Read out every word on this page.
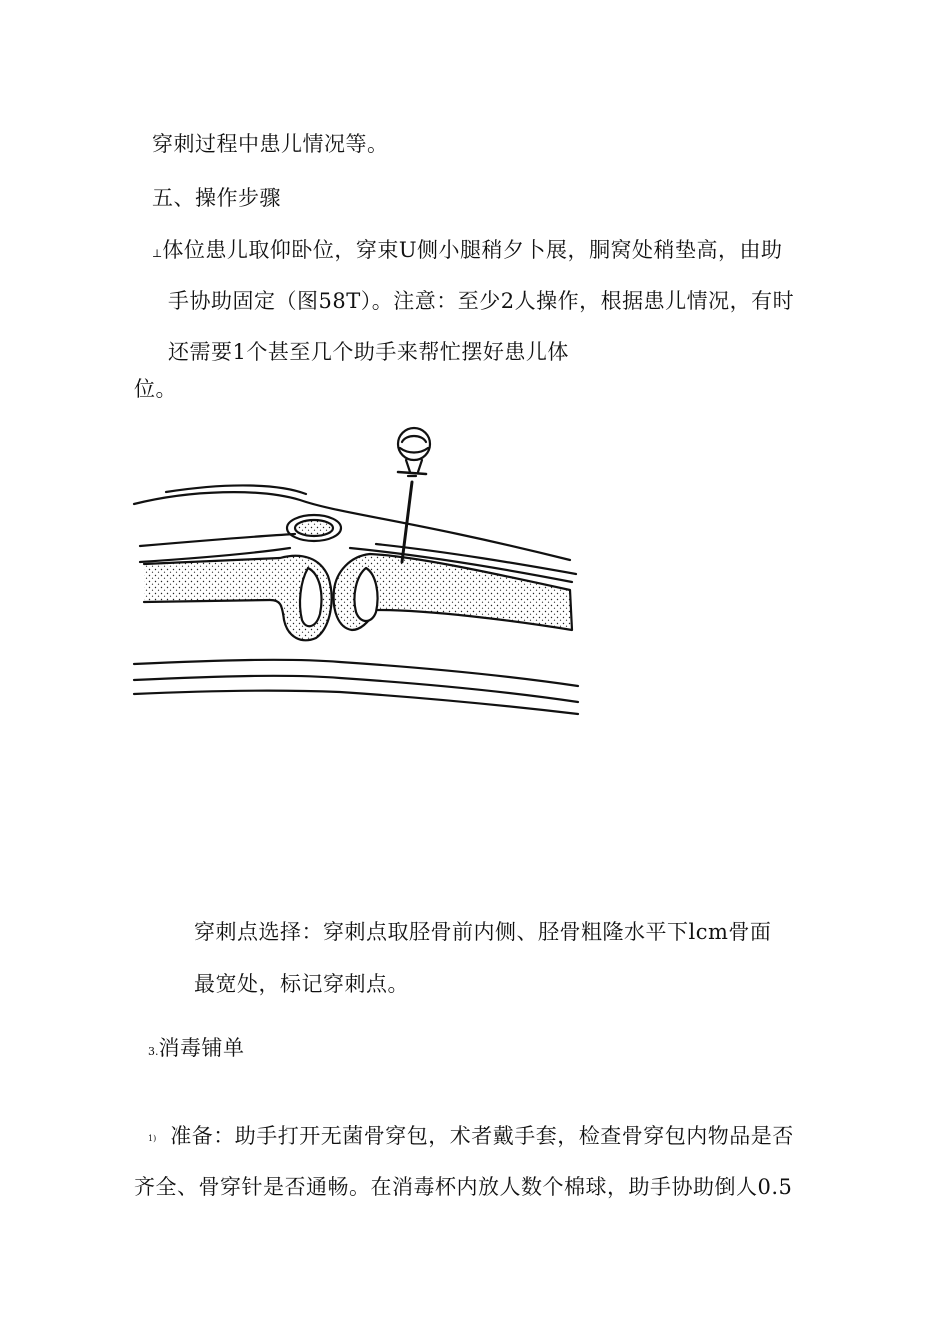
穿刺过程中患儿情况等。
五、操作步骤
⊥体位患儿取仰卧位，穿束U侧小腿稍夕卜展，胴窝处稍垫高，由助
手协助固定（图58T）。注意：至少2人操作，根据患儿情况，有时
还需要1个甚至几个助手来帮忙摆好患儿体
位。
穿刺点选择：穿刺点取胫骨前内侧、胫骨粗隆水平下lcm骨面
最宽处，标记穿刺点。
3.消毒铺单
1) 准备：助手打开无菌骨穿包，术者戴手套，检查骨穿包内物品是否
齐全、骨穿针是否通畅。在消毒杯内放人数个棉球，助手协助倒人0.5
